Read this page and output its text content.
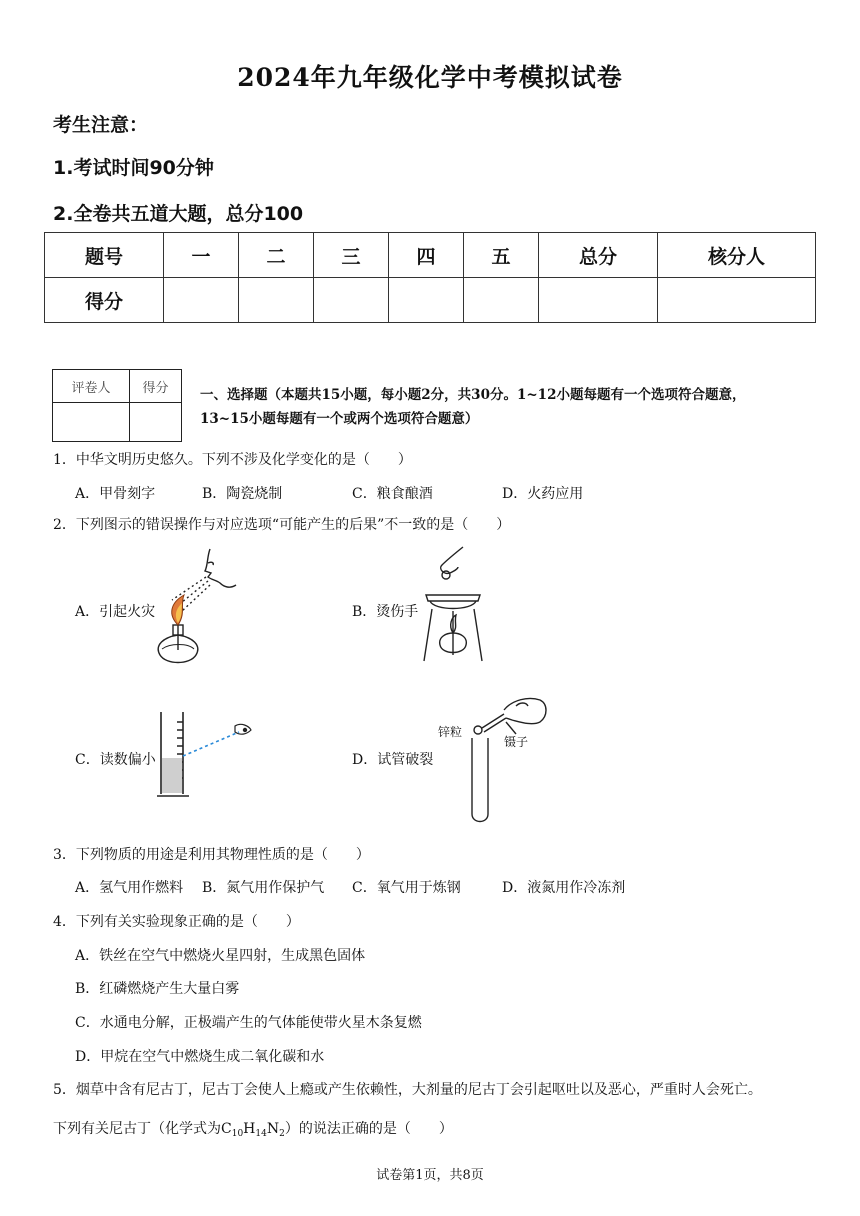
2024年九年级化学中考模拟试卷
考生注意：
1.考试时间90分钟
2.全卷共五道大题，总分100
题号	一	二	三	四	五	总分	核分人
得分							
评卷人	得分
	一、选择题（本题共15小题，每小题2分，共30分。1~12小题每题有一个选项符合题意，
13~15小题每题有一个或两个选项符合题意）
1．中华文明历史悠久。下列不涉及化学变化的是（　　）
A．甲骨刻字	B．陶瓷烧制	C．粮食酿酒	D．火药应用
2．下列图示的错误操作与对应选项“可能产生的后果”不一致的是（　　）
A．引起火灾	B．烫伤手
C．读数偏小	D．试管破裂
锌粒
镊子
3．下列物质的用途是利用其物理性质的是（　　）
A．氢气用作燃料 B．氮气用作保护气 C．氧气用于炼钢	D．液氮用作冷冻剂
4．下列有关实验现象正确的是（　　）
A．铁丝在空气中燃烧火星四射，生成黑色固体
B．红磷燃烧产生大量白雾
C．水通电分解，正极端产生的气体能使带火星木条复燃
D．甲烷在空气中燃烧生成二氧化碳和水
5．烟草中含有尼古丁，尼古丁会使人上瘾或产生依赖性，大剂量的尼古丁会引起呕吐以及恶心，严重时人会死亡。
下列有关尼古丁（化学式为$C_{10}H_{14}N_2$）的说法正确的是（　　）
试卷第1页，共8页
